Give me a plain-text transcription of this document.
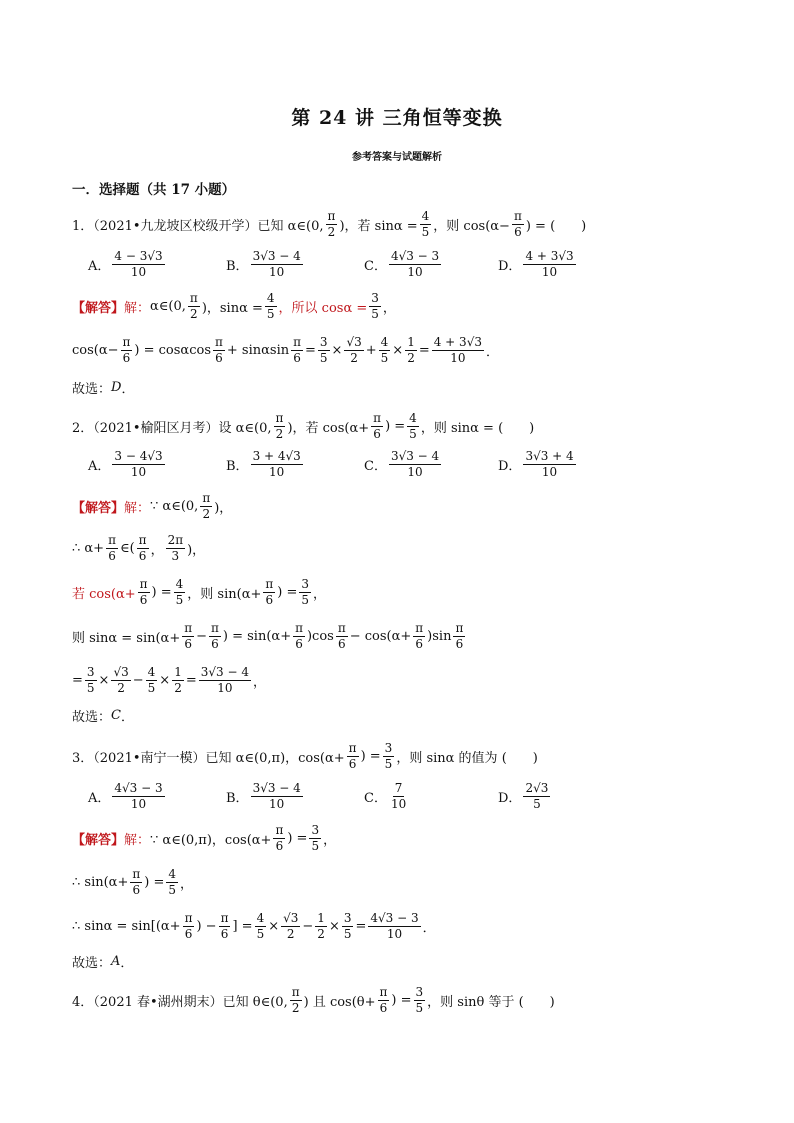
第 24 讲 三角恒等变换
参考答案与试题解析
一．选择题（共 17 小题）
1．（2021•九龙坡区校级开学）已知 α∈(0, $\frac{\pi}{2}$ )，若 $\sin\alpha = \frac{4}{5}$ ，则 $\cos(\alpha- \frac{\pi}{6}$ ) = (　　)
A． $\frac{4 - 3√3}{10}$	B． $\frac{3√3 - 4}{10}$	C． $\frac{4√3 - 3}{10}$	D． $\frac{4 + 3√3}{10}$
【解答】 解： α∈(0, $\frac{\pi}{2}$ )，$\sin\alpha = \frac{4}{5}$ ，所以 $\cos\alpha = \frac{3}{5}$ ，
$\cos(\alpha- \frac{\pi}{6}$ ) = cosαcos $\frac{\pi}{6} + \sin\alpha\sin \frac{\pi}{6} = \frac{3}{5} \times \frac{√3}{2} + \frac{4}{5} \times \frac{1}{2} = \frac{4 + 3√3}{10}$ ．
故选： D ．
2．（2021•榆阳区月考）设 α∈(0, $\frac{\pi}{2}$ )，若 $\cos(\alpha+ \frac{\pi}{6}$ ) = $\frac{4}{5}$ ，则 sinα = (　　)
A． $\frac{3 - 4√3}{10}$	B． $\frac{3 + 4√3}{10}$	C． $\frac{3√3 - 4}{10}$	D． $\frac{3√3 + 4}{10}$
【解答】 解： ∵ α∈(0, $\frac{\pi}{2}$ )，
∴ $\alpha+ \frac{\pi}{6}$ ∈( $\frac{\pi}{6}$ ， $\frac{2\pi}{3}$ )，
若 $\cos(\alpha+ \frac{\pi}{6}$ ) = $\frac{4}{5}$ ，则 $\sin(\alpha+ \frac{\pi}{6}$ ) = $\frac{3}{5}$ ，
则 $\sin\alpha = \sin(\alpha+ \frac{\pi}{6} - \frac{\pi}{6}$ ) = $\sin(\alpha+ \frac{\pi}{6} )\cos \frac{\pi}{6} - \cos(\alpha+ \frac{\pi}{6} )\sin \frac{\pi}{6}$
= $\frac{3}{5} \times \frac{√3}{2} - \frac{4}{5} \times \frac{1}{2} = \frac{3√3 - 4}{10}$ ，
故选： C ．
3．（2021•南宁一模）已知 α∈(0,π)，$\cos(\alpha+ \frac{\pi}{6}$ ) = $\frac{3}{5}$ ，则 sinα 的值为 (　　)
A． $\frac{4√3 - 3}{10}$	B． $\frac{3√3 - 4}{10}$	C． $\frac{7}{10}$	D． $\frac{2√3}{5}$
【解答】 解： ∵ α∈(0,π)，$\cos(\alpha+ \frac{\pi}{6}$ ) = $\frac{3}{5}$ ，
∴ $\sin(\alpha+ \frac{\pi}{6}$ ) = $\frac{4}{5}$ ，
∴ $\sin\alpha = \sin[(\alpha+ \frac{\pi}{6}$ ) − $\frac{\pi}{6}$ ] = $\frac{4}{5} \times \frac{√3}{2} - \frac{1}{2} \times \frac{3}{5} = \frac{4√3 - 3}{10}$ ．
故选： A ．
4．（2021 春•湖州期末）已知 θ∈(0, $\frac{\pi}{2}$ ) 且 $\cos(\theta+ \frac{\pi}{6}$ ) = $\frac{3}{5}$ ，则 sinθ 等于 (　　)
